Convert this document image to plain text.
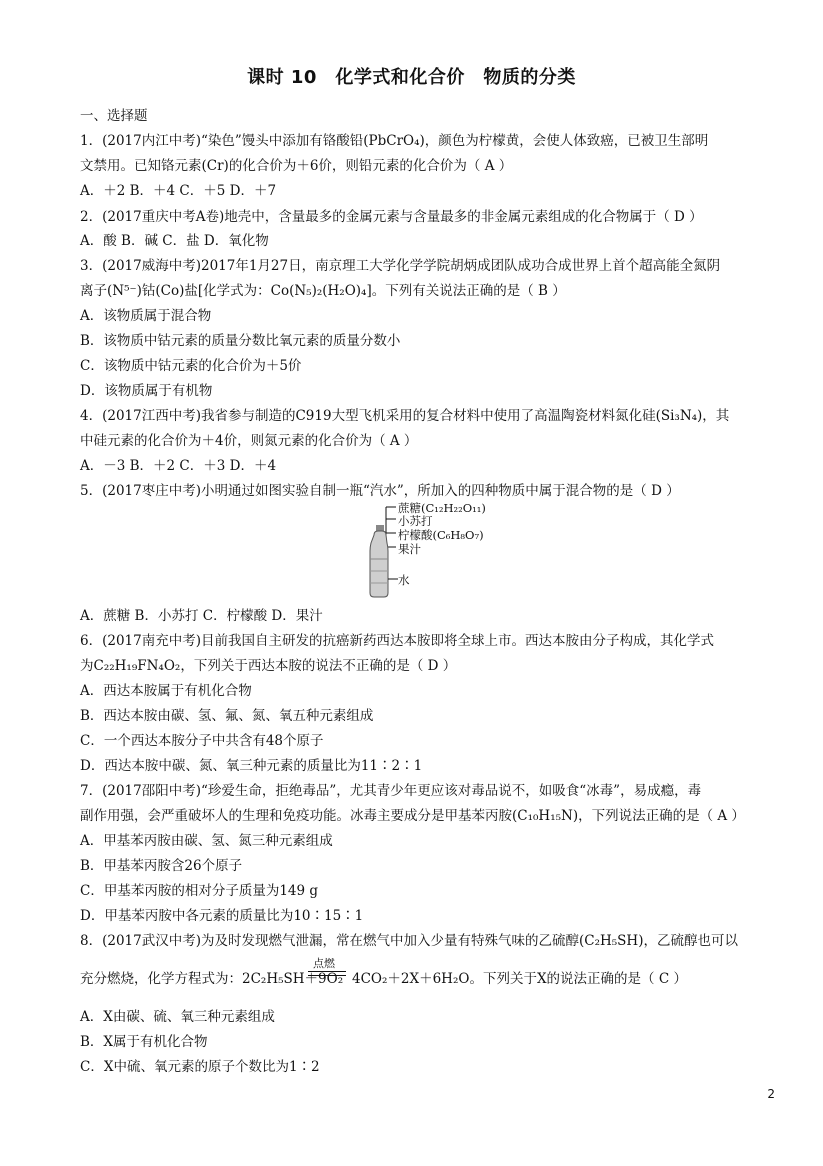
课时 10　化学式和化合价　物质的分类
一、选择题
1．(2017内江中考)“染色”馒头中添加有铬酸铅(PbCrO₄)，颜色为柠檬黄，会使人体致癌，已被卫生部明
文禁用。已知铬元素(Cr)的化合价为＋6价，则铅元素的化合价为（ A ）
A．＋2 B．＋4 C．＋5 D．＋7
2．(2017重庆中考A卷)地壳中，含量最多的金属元素与含量最多的非金属元素组成的化合物属于（ D ）
A．酸 B．碱 C．盐 D．氧化物
3．(2017威海中考)2017年1月27日，南京理工大学化学学院胡炳成团队成功合成世界上首个超高能全氮阴
离子(N⁵⁻)钴(Co)盐[化学式为：Co(N₅)₂(H₂O)₄]。下列有关说法正确的是（ B ）
A．该物质属于混合物
B．该物质中钴元素的质量分数比氧元素的质量分数小
C．该物质中钴元素的化合价为＋5价
D．该物质属于有机物
4．(2017江西中考)我省参与制造的C919大型飞机采用的复合材料中使用了高温陶瓷材料氮化硅(Si₃N₄)，其
中硅元素的化合价为＋4价，则氮元素的化合价为（ A ）
A．－3 B．＋2 C．＋3 D．＋4
5．(2017枣庄中考)小明通过如图实验自制一瓶“汽水”，所加入的四种物质中属于混合物的是（ D ）
蔗糖(C₁₂H₂₂O₁₁)
小苏打
柠檬酸(C₆H₈O₇)
果汁
水
A．蔗糖 B．小苏打 C．柠檬酸 D．果汁
6．(2017南充中考)目前我国自主研发的抗癌新药西达本胺即将全球上市。西达本胺由分子构成，其化学式
为C₂₂H₁₉FN₄O₂，下列关于西达本胺的说法不正确的是（ D ）
A．西达本胺属于有机化合物
B．西达本胺由碳、氢、氟、氮、氧五种元素组成
C．一个西达本胺分子中共含有48个原子
D．西达本胺中碳、氮、氧三种元素的质量比为11∶2∶1
7．(2017邵阳中考)“珍爱生命，拒绝毒品”，尤其青少年更应该对毒品说不，如吸食“冰毒”，易成瘾，毒
副作用强，会严重破坏人的生理和免疫功能。冰毒主要成分是甲基苯丙胺(C₁₀H₁₅N)，下列说法正确的是（ A ）
A．甲基苯丙胺由碳、氢、氮三种元素组成
B．甲基苯丙胺含26个原子
C．甲基苯丙胺的相对分子质量为149 g
D．甲基苯丙胺中各元素的质量比为10∶15∶1
8．(2017武汉中考)为及时发现燃气泄漏，常在燃气中加入少量有特殊气味的乙硫醇(C₂H₅SH)，乙硫醇也可以
充分燃烧，化学方程式为：2C₂H₅SH＋9O₂
点燃
4CO₂＋2X＋6H₂O。下列关于X的说法正确的是（ C ）
A．X由碳、硫、氧三种元素组成
B．X属于有机化合物
C．X中硫、氧元素的原子个数比为1∶2
2
